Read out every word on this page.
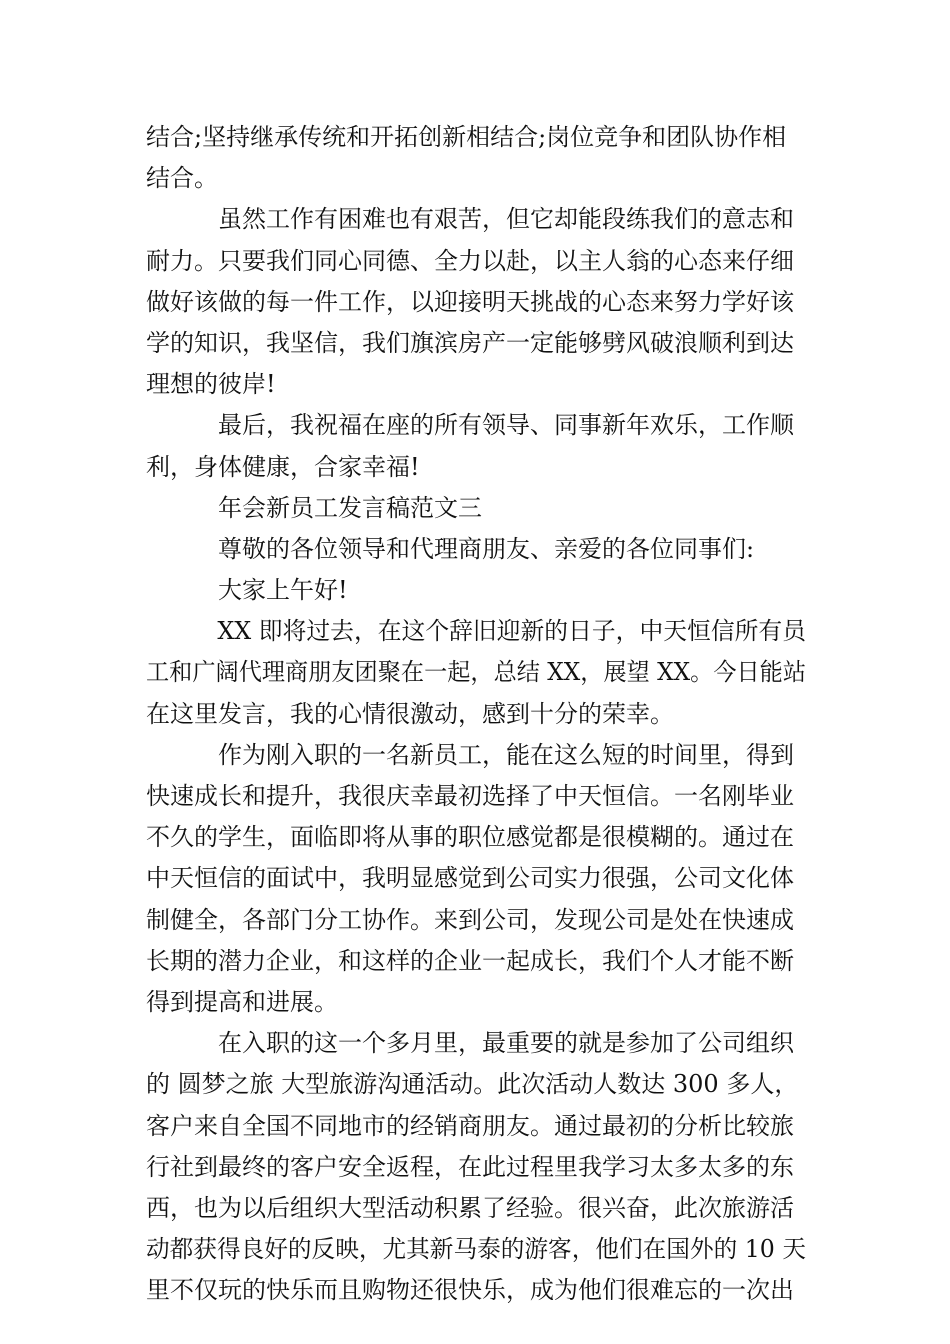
结合;坚持继承传统和开拓创新相结合;岗位竞争和团队协作相
结合。
虽然工作有困难也有艰苦，但它却能段练我们的意志和
耐力。只要我们同心同德、全力以赴，以主人翁的心态来仔细
做好该做的每一件工作，以迎接明天挑战的心态来努力学好该
学的知识，我坚信，我们旗滨房产一定能够劈风破浪顺利到达
理想的彼岸!
最后，我祝福在座的所有领导、同事新年欢乐，工作顺
利，身体健康，合家幸福!
年会新员工发言稿范文三
尊敬的各位领导和代理商朋友、亲爱的各位同事们:
大家上午好!
XX 即将过去，在这个辞旧迎新的日子，中天恒信所有员
工和广阔代理商朋友团聚在一起，总结 XX，展望 XX。今日能站
在这里发言，我的心情很激动，感到十分的荣幸。
作为刚入职的一名新员工，能在这么短的时间里，得到
快速成长和提升，我很庆幸最初选择了中天恒信。一名刚毕业
不久的学生，面临即将从事的职位感觉都是很模糊的。通过在
中天恒信的面试中，我明显感觉到公司实力很强，公司文化体
制健全，各部门分工协作。来到公司，发现公司是处在快速成
长期的潜力企业，和这样的企业一起成长，我们个人才能不断
得到提高和进展。
在入职的这一个多月里，最重要的就是参加了公司组织
的 圆梦之旅 大型旅游沟通活动。此次活动人数达 300 多人，
客户来自全国不同地市的经销商朋友。通过最初的分析比较旅
行社到最终的客户安全返程，在此过程里我学习太多太多的东
西，也为以后组织大型活动积累了经验。很兴奋，此次旅游活
动都获得良好的反映，尤其新马泰的游客，他们在国外的 10 天
里不仅玩的快乐而且购物还很快乐，成为他们很难忘的一次出
